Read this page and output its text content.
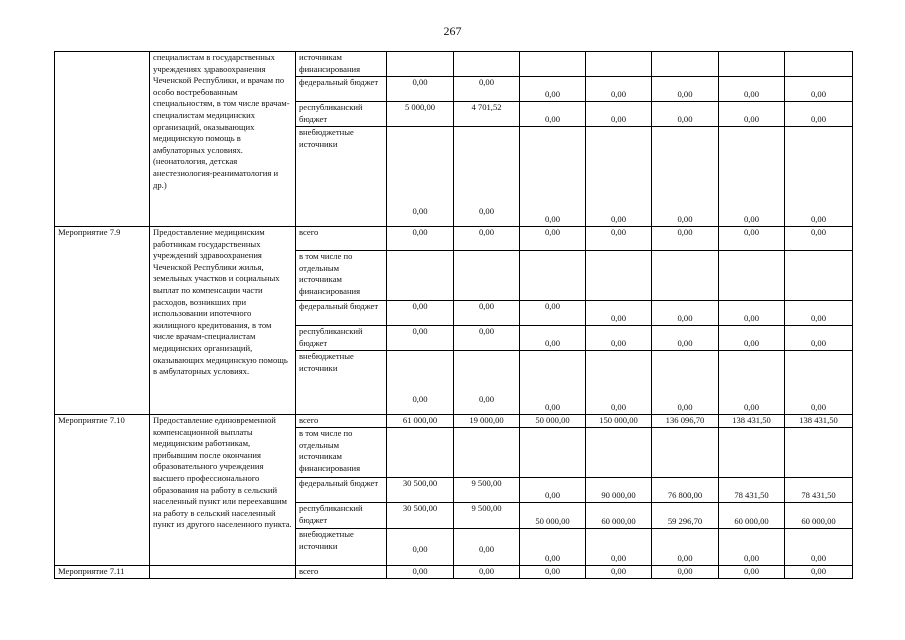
267
	специалистам в государственных учреждениях здравоохранения Чеченской Республики, и врачам по особо востребованным специальностям, в том числе врачам-специалистам медицинских организаций, оказывающих медицинскую помощь в амбулаторных условиях. (неонатология, детская анестезиология-реаниматология и др.)	источникам финансирования							
		федеральный бюджет	0,00	0,00	0,00	0,00	0,00	0,00	0,00
		республиканский бюджет	5 000,00	4 701,52	0,00	0,00	0,00	0,00	0,00
		внебюджетные источники	0,00	0,00	0,00	0,00	0,00	0,00	0,00
Мероприятие 7.9	Предоставление медицинским работникам государственных учреждений здравоохранения Чеченской Республики жилья, земельных участков и социальных выплат по компенсации части расходов, возникших при использовании ипотечного жилищного кредитования, в том числе врачам-специалистам медицинских организаций, оказывающих медицинскую помощь в амбулаторных условиях.	всего	0,00	0,00	0,00	0,00	0,00	0,00	0,00
		в том числе по отдельным источникам финансирования							
		федеральный бюджет	0,00	0,00	0,00	0,00	0,00	0,00	0,00
		республиканский бюджет	0,00	0,00	0,00	0,00	0,00	0,00	0,00
		внебюджетные источники	0,00	0,00	0,00	0,00	0,00	0,00	0,00
Мероприятие 7.10	Предоставление единовременной компенсационной выплаты медицинским работникам, прибывшим после окончания образовательного учреждения высшего профессионального образования на работу в сельский населенный пункт или переехавшим на работу в сельский населенный пункт из другого населенного пункта.	всего	61 000,00	19 000,00	50 000,00	150 000,00	136 096,70	138 431,50	138 431,50
		в том числе по отдельным источникам финансирования							
		федеральный бюджет	30 500,00	9 500,00	0,00	90 000,00	76 800,00	78 431,50	78 431,50
		республиканский бюджет	30 500,00	9 500,00	50 000,00	60 000,00	59 296,70	60 000,00	60 000,00
		внебюджетные источники	0,00	0,00	0,00	0,00	0,00	0,00	0,00
Мероприятие 7.11		всего	0,00	0,00	0,00	0,00	0,00	0,00	0,00
